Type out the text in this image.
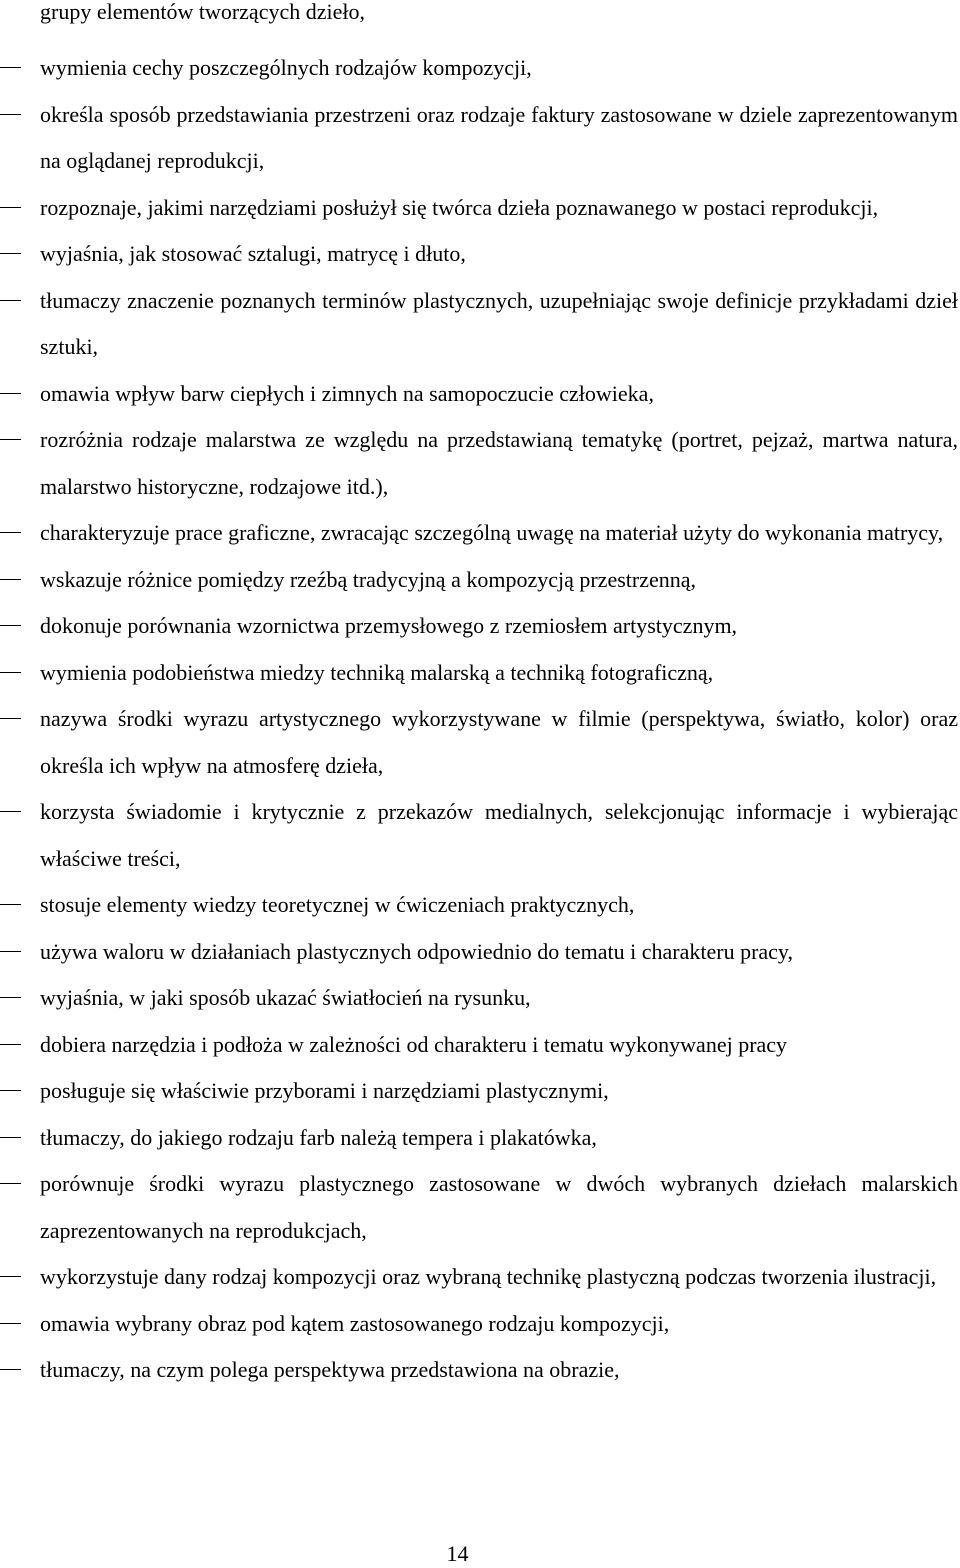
grupy elementów tworzących dzieło,
wymienia cechy poszczególnych rodzajów kompozycji,
określa sposób przedstawiania przestrzeni oraz rodzaje faktury zastosowane w dziele zaprezentowanym na oglądanej reprodukcji,
rozpoznaje, jakimi narzędziami posłużył się twórca dzieła poznawanego w postaci reprodukcji,
wyjaśnia, jak stosować sztalugi, matrycę i dłuto,
tłumaczy znaczenie poznanych terminów plastycznych, uzupełniając swoje definicje przykładami dzieł sztuki,
omawia wpływ barw ciepłych i zimnych na samopoczucie człowieka,
rozróżnia rodzaje malarstwa ze względu na przedstawianą tematykę (portret, pejzaż, martwa natura, malarstwo historyczne, rodzajowe itd.),
charakteryzuje prace graficzne, zwracając szczególną uwagę na materiał użyty do wykonania matrycy,
wskazuje różnice pomiędzy rzeźbą tradycyjną a kompozycją przestrzenną,
dokonuje porównania wzornictwa przemysłowego z rzemiosłem artystycznym,
wymienia podobieństwa miedzy techniką malarską a techniką fotograficzną,
nazywa środki wyrazu artystycznego wykorzystywane w filmie (perspektywa, światło, kolor) oraz określa ich wpływ na atmosferę dzieła,
korzysta świadomie i krytycznie z przekazów medialnych, selekcjonując informacje i wybierając właściwe treści,
stosuje elementy wiedzy teoretycznej w ćwiczeniach praktycznych,
używa waloru w działaniach plastycznych odpowiednio do tematu i charakteru pracy,
wyjaśnia, w jaki sposób ukazać światłocień na rysunku,
dobiera narzędzia i podłoża w zależności od charakteru i tematu wykonywanej pracy
posługuje się właściwie przyborami i narzędziami plastycznymi,
tłumaczy, do jakiego rodzaju farb należą tempera i plakatówka,
porównuje środki wyrazu plastycznego zastosowane w dwóch wybranych dziełach malarskich zaprezentowanych na reprodukcjach,
wykorzystuje dany rodzaj kompozycji oraz wybraną technikę plastyczną podczas tworzenia ilustracji,
omawia wybrany obraz pod kątem zastosowanego rodzaju kompozycji,
tłumaczy, na czym polega perspektywa przedstawiona na obrazie,
14
